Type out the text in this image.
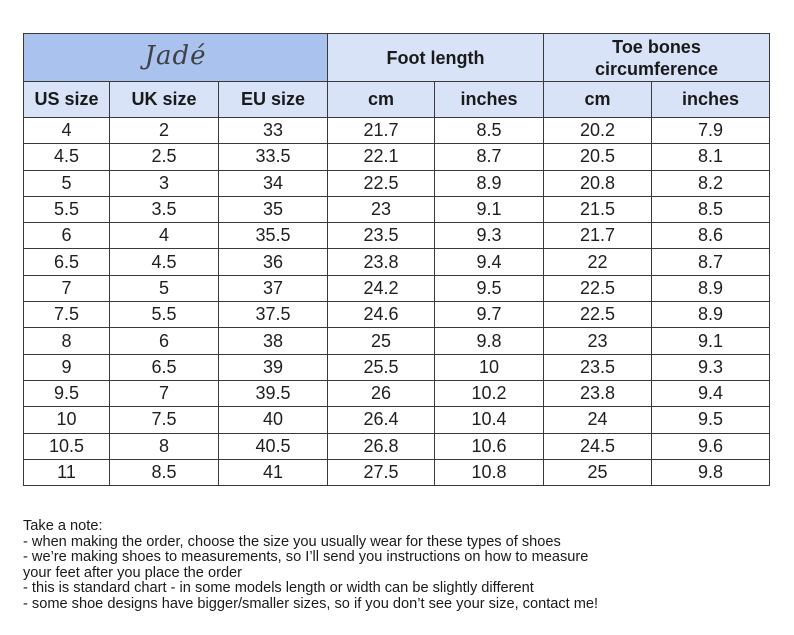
Jadé			Foot length		Toe bones
circumference	
US size	UK size	EU size	cm	inches	cm	inches
4	2	33	21.7	8.5	20.2	7.9
4.5	2.5	33.5	22.1	8.7	20.5	8.1
5	3	34	22.5	8.9	20.8	8.2
5.5	3.5	35	23	9.1	21.5	8.5
6	4	35.5	23.5	9.3	21.7	8.6
6.5	4.5	36	23.8	9.4	22	8.7
7	5	37	24.2	9.5	22.5	8.9
7.5	5.5	37.5	24.6	9.7	22.5	8.9
8	6	38	25	9.8	23	9.1
9	6.5	39	25.5	10	23.5	9.3
9.5	7	39.5	26	10.2	23.8	9.4
10	7.5	40	26.4	10.4	24	9.5
10.5	8	40.5	26.8	10.6	24.5	9.6
11	8.5	41	27.5	10.8	25	9.8
Take a note:
- when making the order, choose the size you usually wear for these types of shoes
- we’re making shoes to measurements, so I’ll send you instructions on how to measure
your feet after you place the order
- this is standard chart - in some models length or width can be slightly different
- some shoe designs have bigger/smaller sizes, so if you don’t see your size, contact me!
